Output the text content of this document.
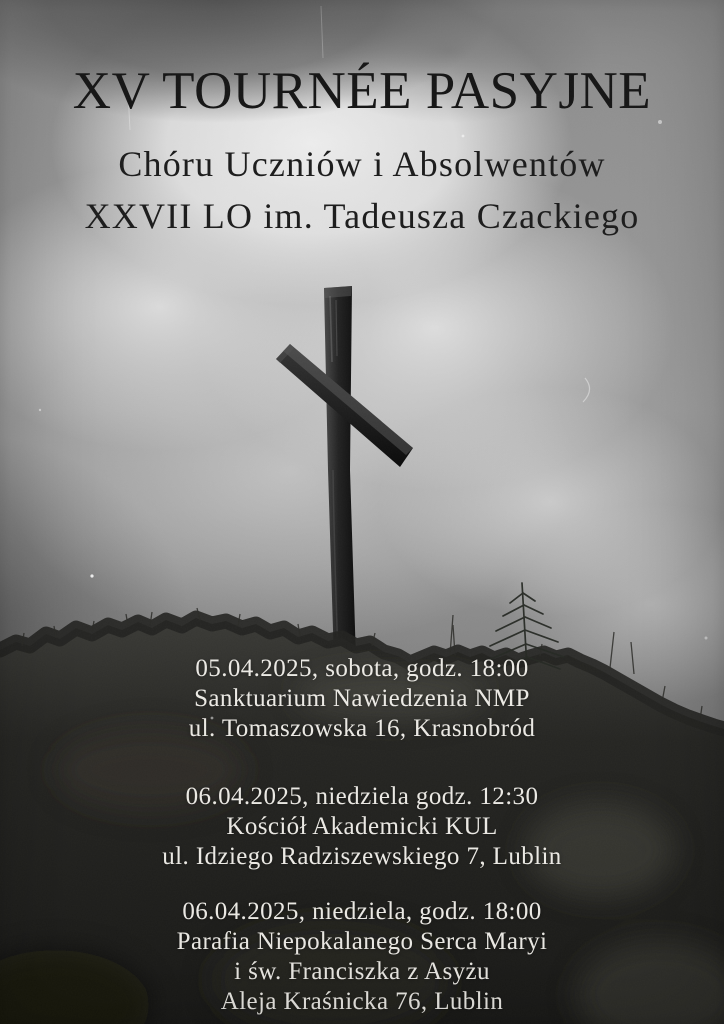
XV TOURNÉE PASYJNE
Chóru Uczniów i Absolwentów
XXVII LO im. Tadeusza Czackiego
05.04.2025, sobota, godz. 18:00
Sanktuarium Nawiedzenia NMP
ul. Tomaszowska 16, Krasnobród
06.04.2025, niedziela godz. 12:30
Kościół Akademicki KUL
ul. Idziego Radziszewskiego 7, Lublin
06.04.2025, niedziela, godz. 18:00
Parafia Niepokalanego Serca Maryi
i św. Franciszka z Asyżu
Aleja Kraśnicka 76, Lublin
